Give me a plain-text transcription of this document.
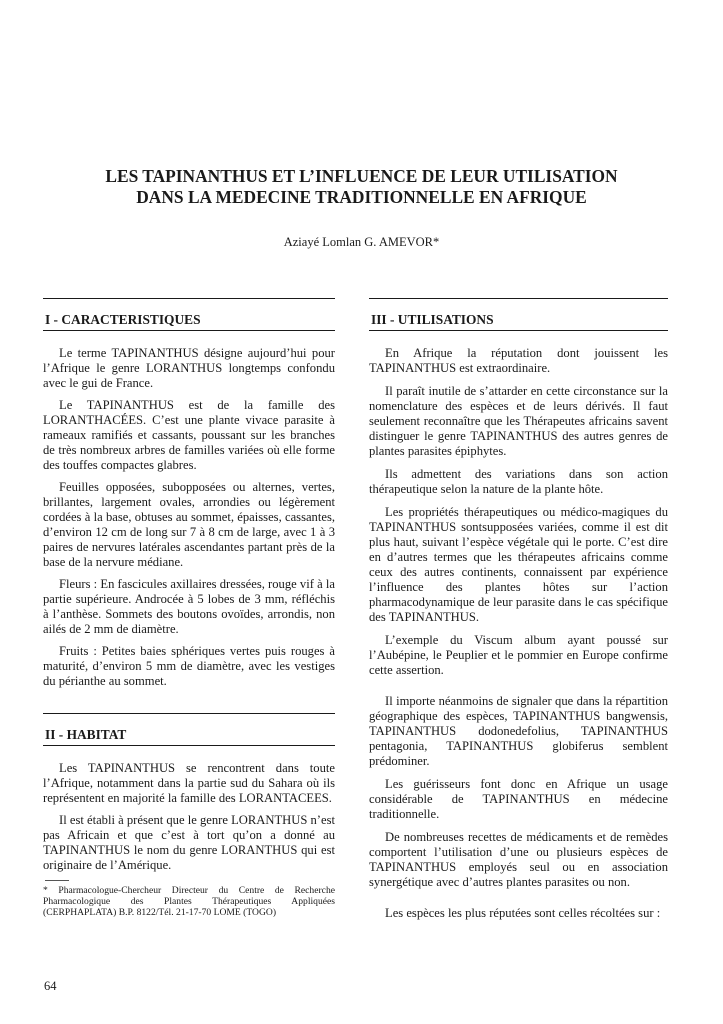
LES TAPINANTHUS ET L’INFLUENCE DE LEUR UTILISATION
DANS LA MEDECINE TRADITIONNELLE EN AFRIQUE
Aziayé Lomlan G. AMEVOR*
I - CARACTERISTIQUES

Le terme TAPINANTHUS désigne aujourd’hui pour l’Afrique le genre LORANTHUS longtemps confondu avec le gui de France.

Le TAPINANTHUS est de la famille des LORANTHACÉES. C’est une plante vivace parasite à rameaux ramifiés et cassants, poussant sur les branches de très nombreux arbres de familles variées où elle forme des touffes compactes glabres.

Feuilles opposées, subopposées ou alternes, vertes, brillantes, largement ovales, arrondies ou légèrement cordées à la base, obtuses au sommet, épaisses, cassantes, d’environ 12 cm de long sur 7 à 8 cm de large, avec 1 à 3 paires de nervures latérales ascendantes partant près de la base de la nervure médiane.

Fleurs : En fascicules axillaires dressées, rouge vif à la partie supérieure. Androcée à 5 lobes de 3 mm, réfléchis à l’anthèse. Sommets des boutons ovoïdes, arrondis, non ailés de 2 mm de diamètre.

Fruits : Petites baies sphériques vertes puis rouges à maturité, d’environ 5 mm de diamètre, avec les vestiges du périanthe au sommet.

II - HABITAT

Les TAPINANTHUS se rencontrent dans toute l’Afrique, notamment dans la partie sud du Sahara où ils représentent en majorité la famille des LORANTACEES.

Il est établi à présent que le genre LORANTHUS n’est pas Africain et que c’est à tort qu’on a donné au TAPINANTHUS le nom du genre LORANTHUS qui est originaire de l’Amérique.

* Pharmacologue-Chercheur Directeur du Centre de Recherche Pharmacologique des Plantes Thérapeutiques Appliquées (CERPHAPLATA) B.P. 8122/Tél. 21-17-70 LOME (TOGO)
III - UTILISATIONS

En Afrique la réputation dont jouissent les TAPINANTHUS est extraordinaire.

Il paraît inutile de s’attarder en cette circonstance sur la nomenclature des espèces et de leurs dérivés. Il faut seulement reconnaître que les Thérapeutes africains savent distinguer le genre TAPINANTHUS des autres genres de plantes parasites épiphytes.

Ils admettent des variations dans son action thérapeutique selon la nature de la plante hôte.

Les propriétés thérapeutiques ou médico-magiques du TAPINANTHUS sontsupposées variées, comme il est dit plus haut, suivant l’espèce végétale qui le porte. C’est dire en d’autres termes que les thérapeutes africains comme ceux des autres continents, connaissent par expérience l’influence des plantes hôtes sur l’action pharmacodynamique de leur parasite dans le cas spécifique des TAPINANTHUS.

L’exemple du Viscum album ayant poussé sur l’Aubépine, le Peuplier et le pommier en Europe confirme cette assertion.

Il importe néanmoins de signaler que dans la répartition géographique des espèces, TAPINANTHUS bangwensis, TAPINANTHUS dodonedefolius, TAPINANTHUS pentagonia, TAPINANTHUS globiferus semblent prédominer.

Les guérisseurs font donc en Afrique un usage considérable de TAPINANTHUS en médecine traditionnelle.

De nombreuses recettes de médicaments et de remèdes comportent l’utilisation d’une ou plusieurs espèces de TAPINANTHUS employés seul ou en association synergétique avec d’autres plantes parasites ou non.

Les espèces les plus réputées sont celles récoltées sur :

64
